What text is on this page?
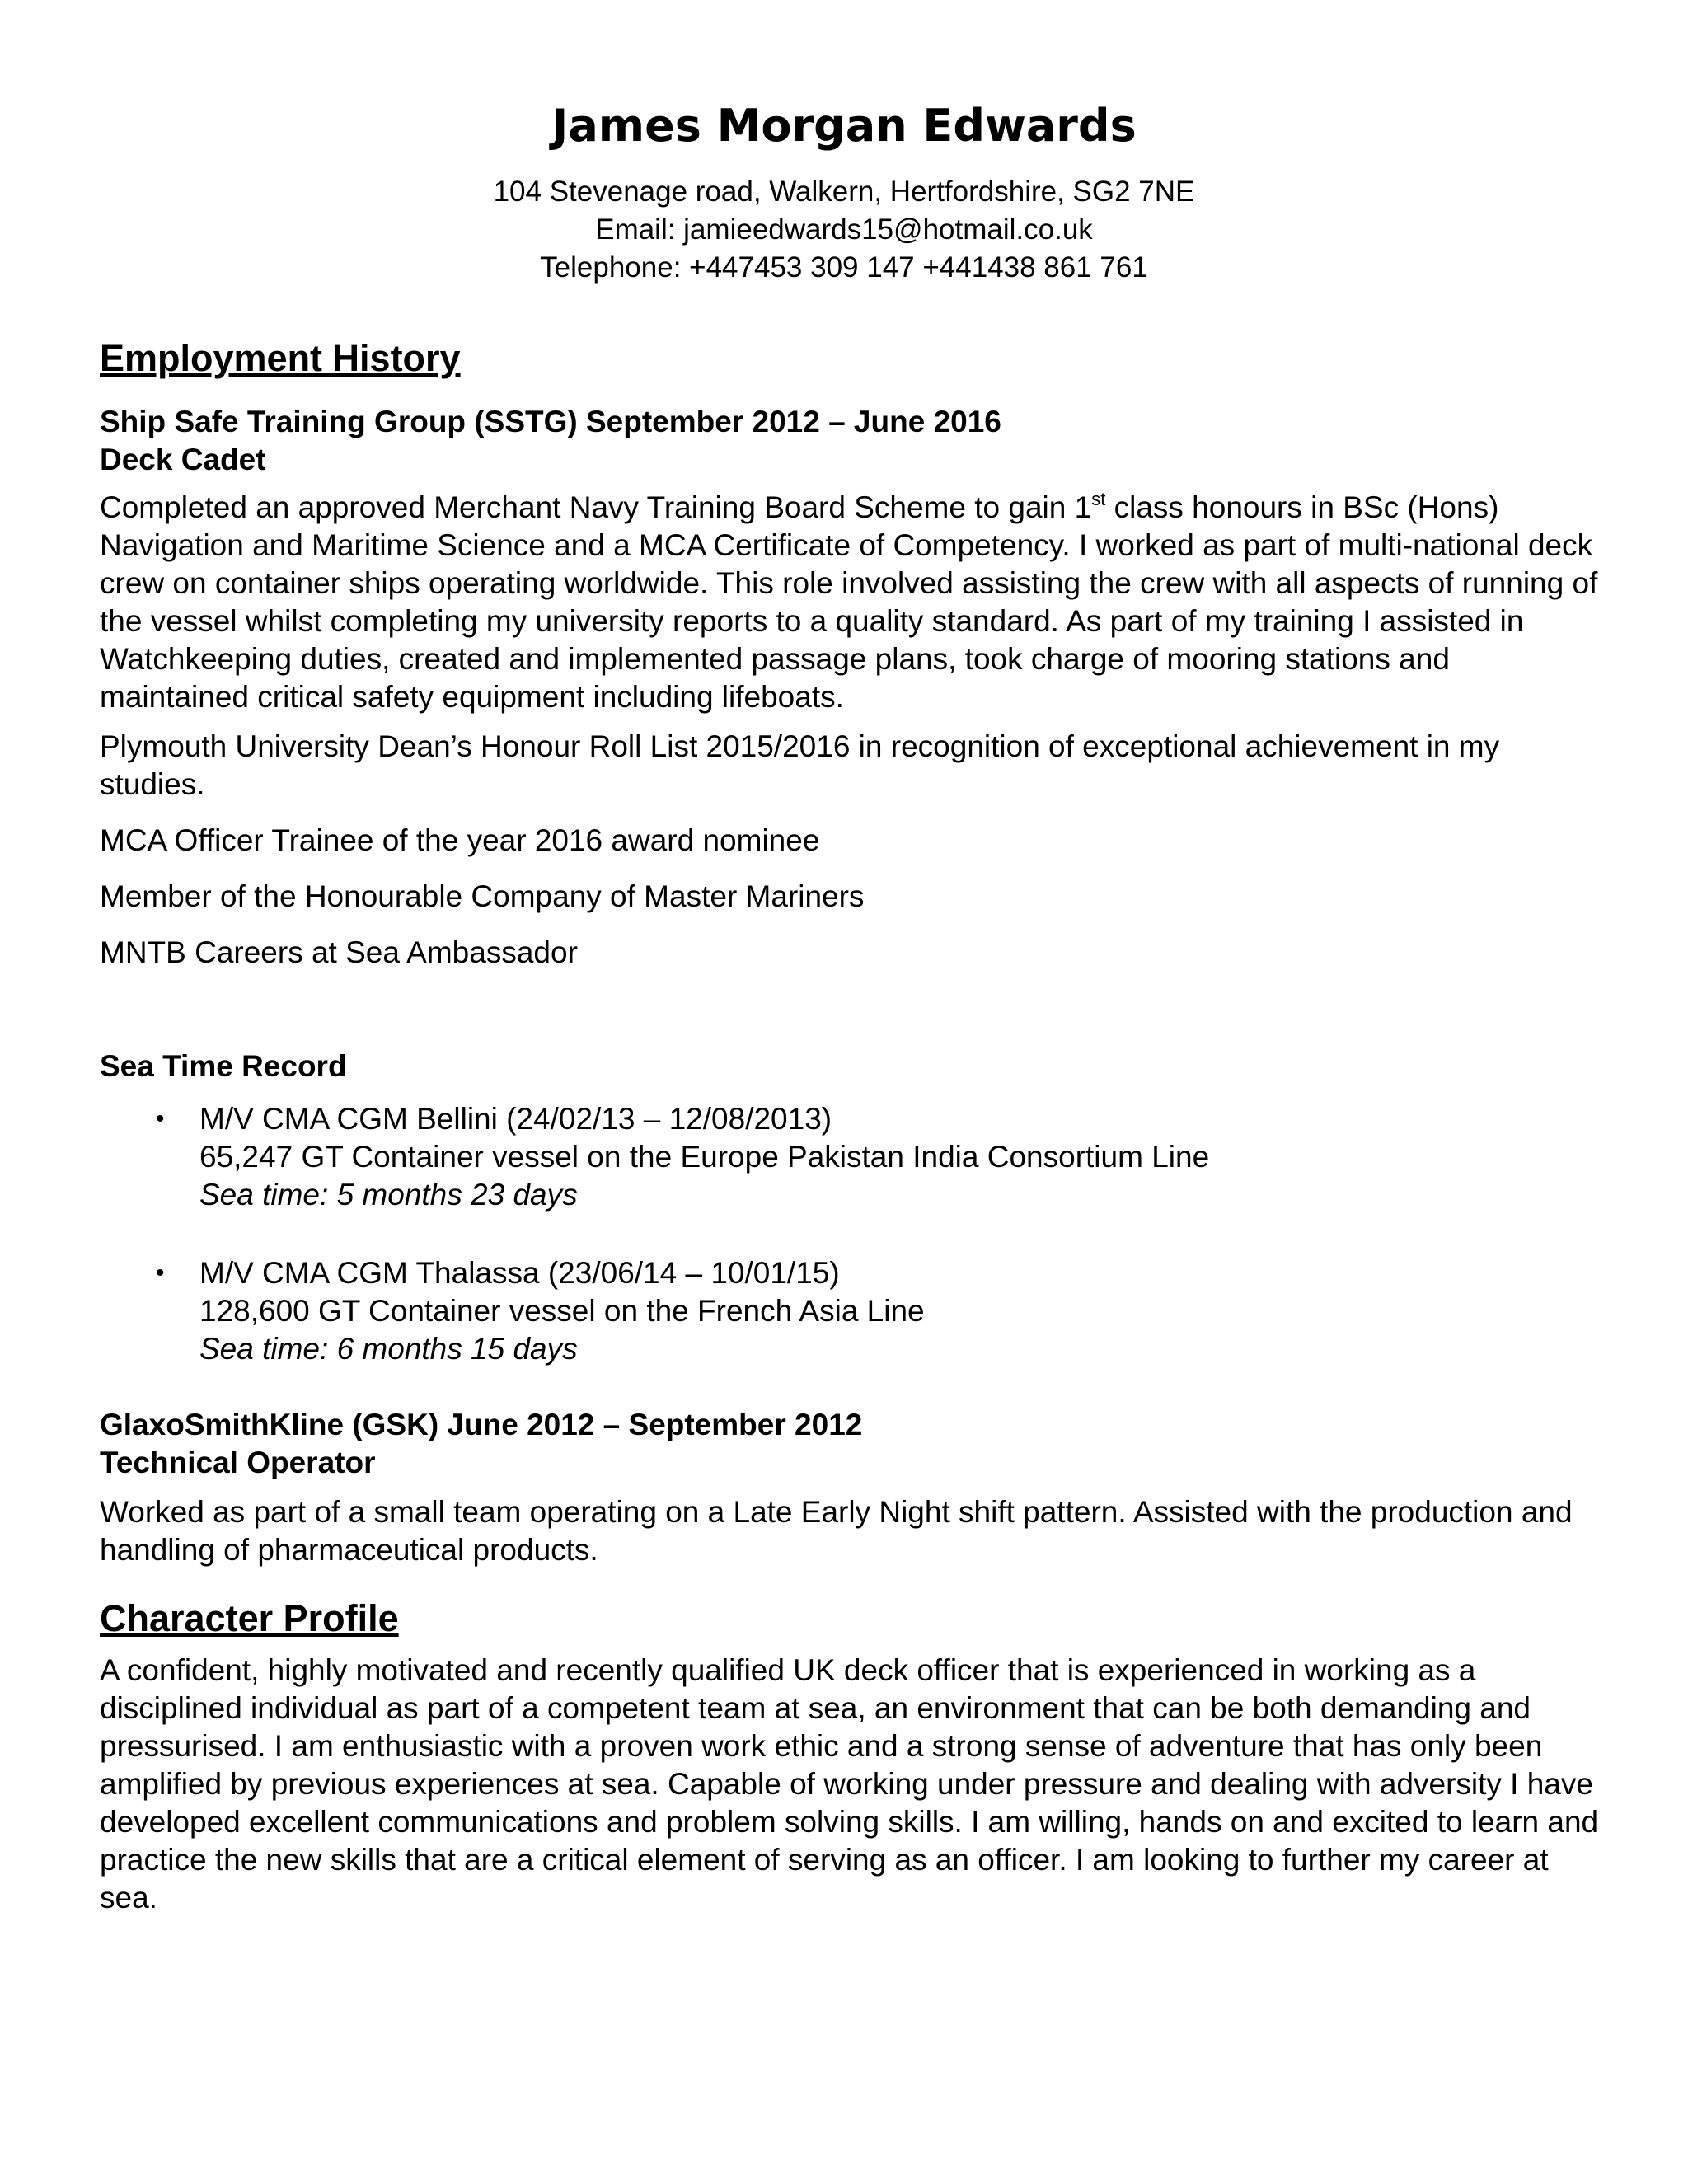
James Morgan Edwards

104 Stevenage road, Walkern, Hertfordshire, SG2 7NE

Email: jamieedwards15@hotmail.co.uk

Telephone: +447453 309 147 +441438 861 761

Employment History

Ship Safe Training Group (SSTG) September 2012 – June 2016

Deck Cadet

Completed an approved Merchant Navy Training Board Scheme to gain 1st class honours in BSc (Hons) Navigation and Maritime Science and a MCA Certificate of Competency. I worked as part of multi-national deck crew on container ships operating worldwide. This role involved assisting the crew with all aspects of running of the vessel whilst completing my university reports to a quality standard. As part of my training I assisted in Watchkeeping duties, created and implemented passage plans, took charge of mooring stations and maintained critical safety equipment including lifeboats.

Plymouth University Dean’s Honour Roll List 2015/2016 in recognition of exceptional achievement in my studies.

MCA Officer Trainee of the year 2016 award nominee

Member of the Honourable Company of Master Mariners

MNTB Careers at Sea Ambassador

Sea Time Record

• M/V CMA CGM Bellini (24/02/13 – 12/08/2013)
65,247 GT Container vessel on the Europe Pakistan India Consortium Line
Sea time: 5 months 23 days
• M/V CMA CGM Thalassa (23/06/14 – 10/01/15)
128,600 GT Container vessel on the French Asia Line
Sea time: 6 months 15 days

GlaxoSmithKline (GSK) June 2012 – September 2012

Technical Operator

Worked as part of a small team operating on a Late Early Night shift pattern. Assisted with the production and handling of pharmaceutical products.

Character Profile

A confident, highly motivated and recently qualified UK deck officer that is experienced in working as a disciplined individual as part of a competent team at sea, an environment that can be both demanding and pressurised. I am enthusiastic with a proven work ethic and a strong sense of adventure that has only been amplified by previous experiences at sea. Capable of working under pressure and dealing with adversity I have developed excellent communications and problem solving skills. I am willing, hands on and excited to learn and practice the new skills that are a critical element of serving as an officer. I am looking to further my career at sea.
